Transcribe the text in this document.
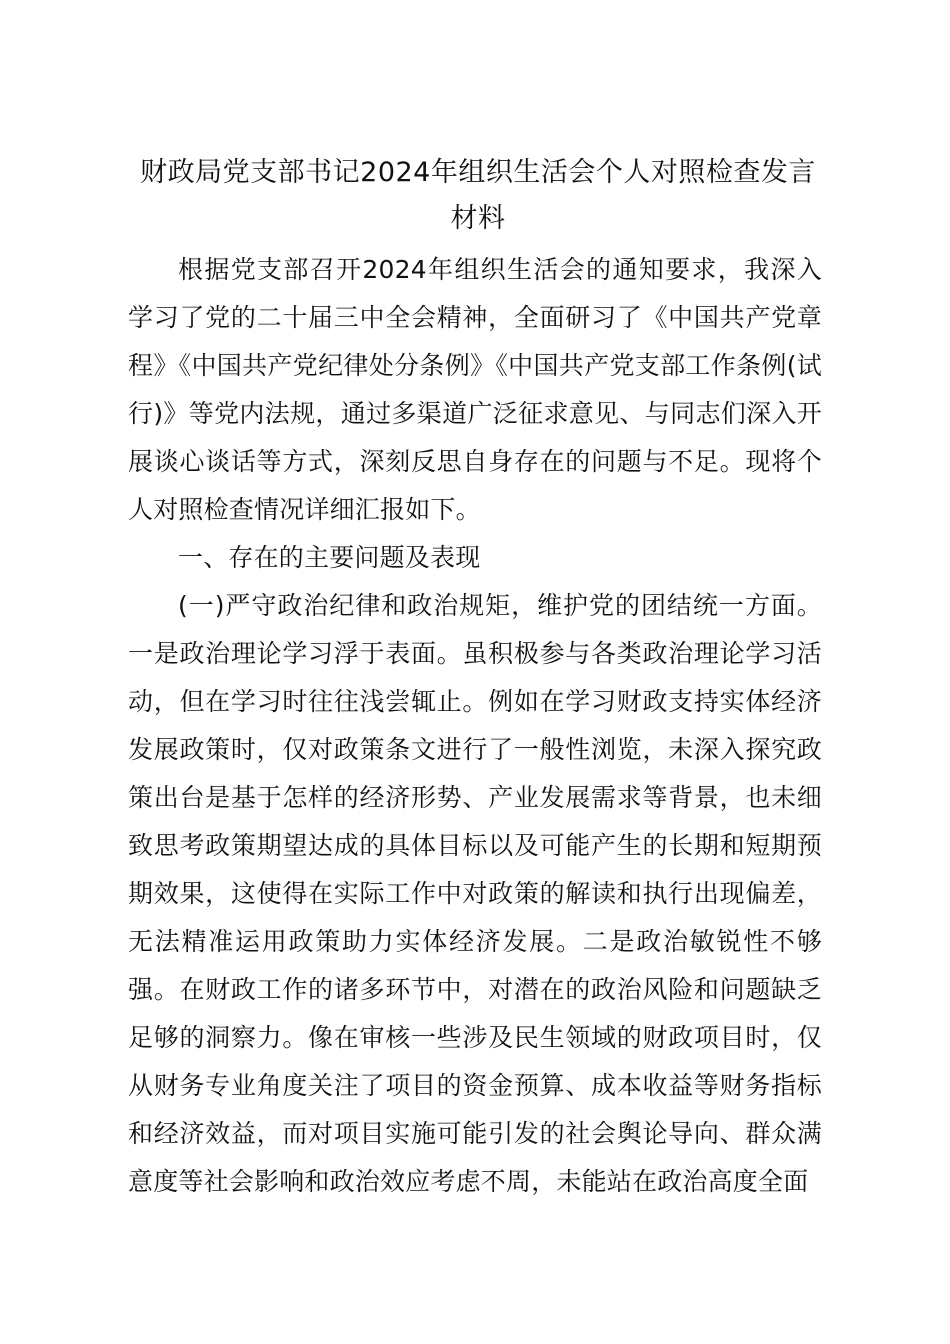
财政局党支部书记2024年组织生活会个人对照检查发言材料

根据党支部召开2024年组织生活会的通知要求，我深入学习了党的二十届三中全会精神，全面研习了《中国共产党章程》《中国共产党纪律处分条例》《中国共产党支部工作条例(试行)》等党内法规，通过多渠道广泛征求意见、与同志们深入开展谈心谈话等方式，深刻反思自身存在的问题与不足。现将个人对照检查情况详细汇报如下。

一、存在的主要问题及表现

(一)严守政治纪律和政治规矩，维护党的团结统一方面。一是政治理论学习浮于表面。虽积极参与各类政治理论学习活动，但在学习时往往浅尝辄止。例如在学习财政支持实体经济发展政策时，仅对政策条文进行了一般性浏览，未深入探究政策出台是基于怎样的经济形势、产业发展需求等背景，也未细致思考政策期望达成的具体目标以及可能产生的长期和短期预期效果，这使得在实际工作中对政策的解读和执行出现偏差，无法精准运用政策助力实体经济发展。二是政治敏锐性不够强。在财政工作的诸多环节中，对潜在的政治风险和问题缺乏足够的洞察力。像在审核一些涉及民生领域的财政项目时，仅从财务专业角度关注了项目的资金预算、成本收益等财务指标和经济效益，而对项目实施可能引发的社会舆论导向、群众满意度等社会影响和政治效应考虑不周，未能站在政治高度全面
